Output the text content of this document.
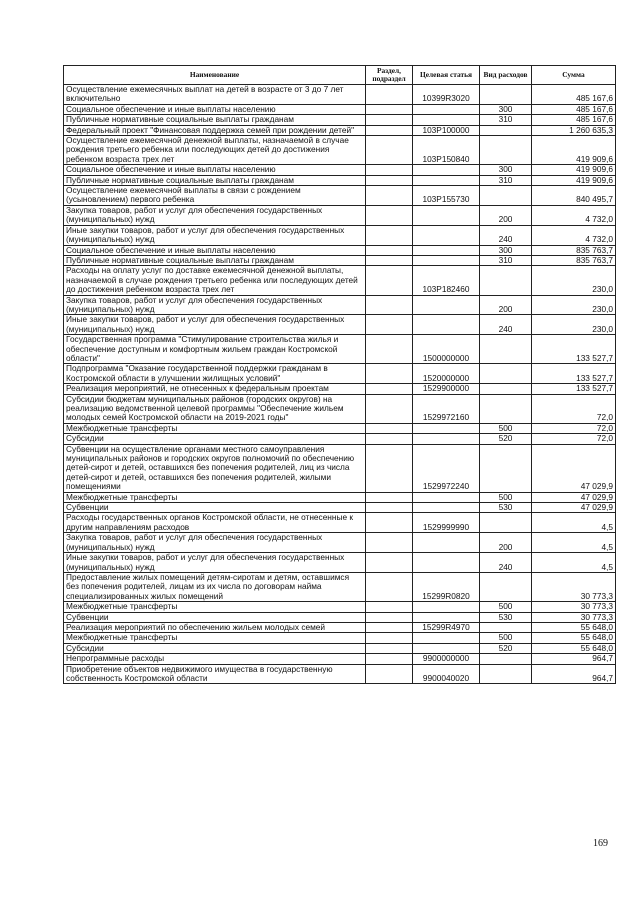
Наименование	Раздел, подраздел	Целевая статья	Вид расходов	Сумма
Осуществление ежемесячных выплат на детей в возрасте от 3 до 7 лет включительно		10399R3020		485 167,6
Социальное обеспечение и иные выплаты населению			300	485 167,6
Публичные нормативные социальные выплаты гражданам			310	485 167,6
Федеральный проект "Финансовая поддержка семей при рождении детей"		103P100000		1 260 635,3
Осуществление ежемесячной денежной выплаты, назначаемой в случае рождения третьего ребенка или последующих детей до достижения ребенком возраста трех лет		103P150840		419 909,6
Социальное обеспечение и иные выплаты населению			300	419 909,6
Публичные нормативные социальные выплаты гражданам			310	419 909,6
Осуществление ежемесячной выплаты в связи с рождением (усыновлением) первого ребенка		103P155730		840 495,7
Закупка товаров, работ и услуг для обеспечения государственных (муниципальных) нужд			200	4 732,0
Иные закупки товаров, работ и услуг для обеспечения государственных (муниципальных) нужд			240	4 732,0
Социальное обеспечение и иные выплаты населению			300	835 763,7
Публичные нормативные социальные выплаты гражданам			310	835 763,7
Расходы на оплату услуг по доставке ежемесячной денежной выплаты, назначаемой в случае рождения третьего ребенка или последующих детей до достижения ребенком возраста трех лет		103P182460		230,0
Закупка товаров, работ и услуг для обеспечения государственных (муниципальных) нужд			200	230,0
Иные закупки товаров, работ и услуг для обеспечения государственных (муниципальных) нужд			240	230,0
Государственная программа "Стимулирование строительства жилья и обеспечение доступным и комфортным жильем граждан Костромской области"		1500000000		133 527,7
Подпрограмма "Оказание государственной поддержки гражданам в Костромской области в улучшении жилищных условий"		1520000000		133 527,7
Реализация мероприятий, не отнесенных к федеральным проектам		1529900000		133 527,7
Субсидии бюджетам муниципальных районов (городских округов) на реализацию ведомственной целевой программы "Обеспечение жильем молодых семей Костромской области на 2019-2021 годы"		1529972160		72,0
Межбюджетные трансферты			500	72,0
Субсидии			520	72,0
Субвенции на осуществление органами местного самоуправления муниципальных районов и городских округов полномочий по обеспечению детей-сирот и детей, оставшихся без попечения родителей, лиц из числа детей-сирот и детей, оставшихся без попечения родителей, жилыми помещениями		1529972240		47 029,9
Межбюджетные трансферты			500	47 029,9
Субвенции			530	47 029,9
Расходы государственных органов Костромской области, не отнесенные к другим направлениям расходов		1529999990		4,5
Закупка товаров, работ и услуг для обеспечения государственных (муниципальных) нужд			200	4,5
Иные закупки товаров, работ и услуг для обеспечения государственных (муниципальных) нужд			240	4,5
Предоставление жилых помещений детям-сиротам и детям, оставшимся без попечения родителей, лицам из их числа по договорам найма специализированных жилых помещений		15299R0820		30 773,3
Межбюджетные трансферты			500	30 773,3
Субвенции			530	30 773,3
Реализация мероприятий по обеспечению жильем молодых семей		15299R4970		55 648,0
Межбюджетные трансферты			500	55 648,0
Субсидии			520	55 648,0
Непрограммные расходы		9900000000		964,7
Приобретение объектов недвижимого имущества в государственную собственность Костромской области		9900040020		964,7
169
